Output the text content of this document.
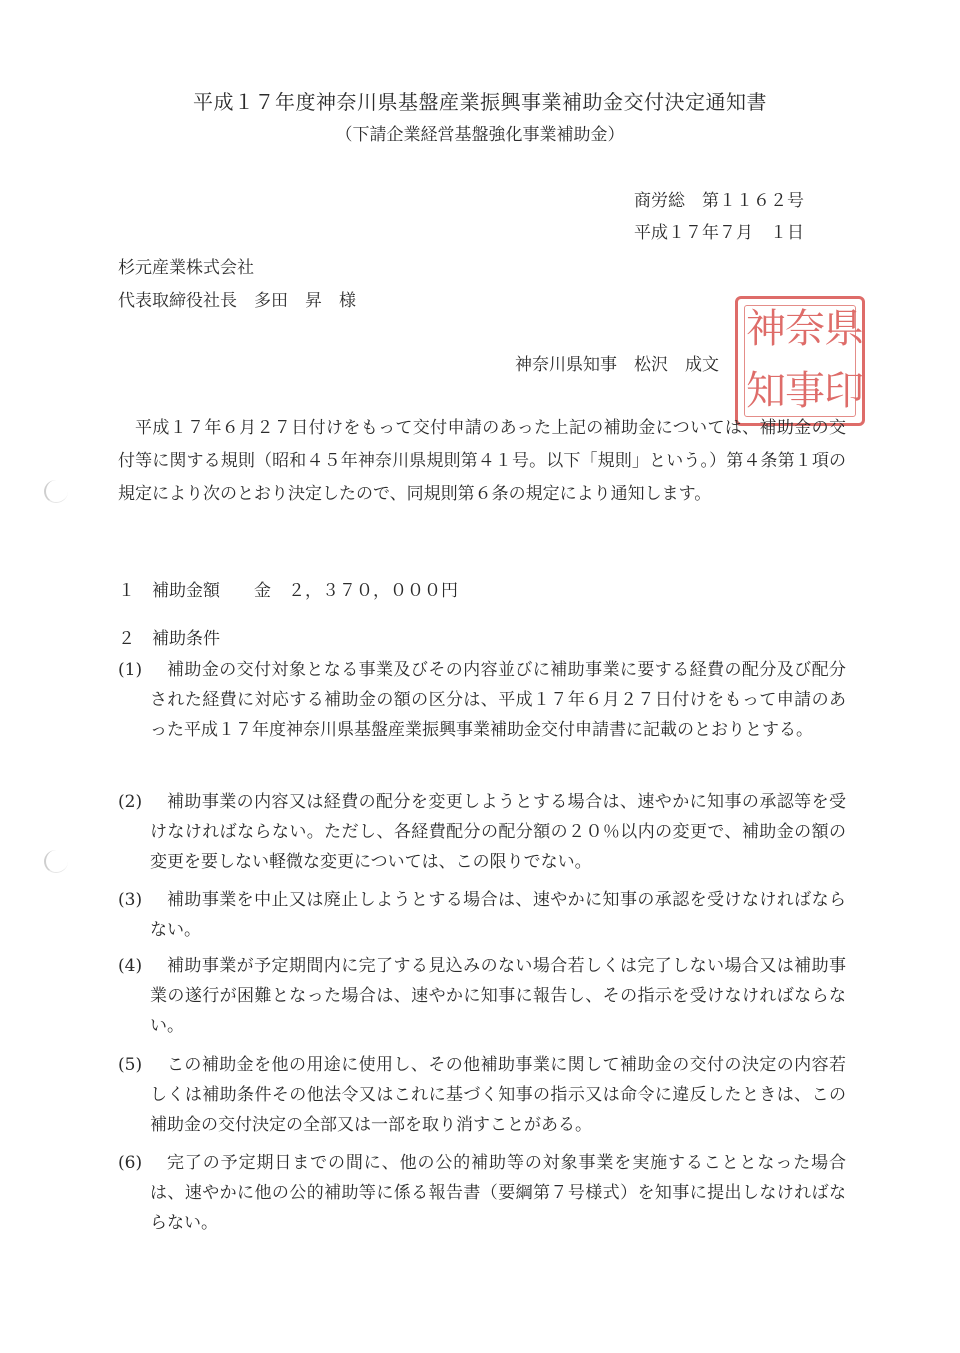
平成１７年度神奈川県基盤産業振興事業補助金交付決定通知書
（下請企業経営基盤強化事業補助金）
商労総　第１１６２号
平成１７年７月　１日
杉元産業株式会社
代表取締役社長　多田　昇　様
県
奈
神
印
事
知
神奈川県知事　松沢　成文
平成１７年６月２７日付けをもって交付申請のあった上記の補助金については、補助金の交付等に関する規則（昭和４５年神奈川県規則第４１号。以下「規則」という。）第４条第１項の規定により次のとおり決定したので、同規則第６条の規定により通知します。
１　補助金額　　金　２，３７０，０００円
２　補助条件
(1)	補助金の交付対象となる事業及びその内容並びに補助事業に要する経費の配分及び配分された経費に対応する補助金の額の区分は、平成１７年６月２７日付けをもって申請のあった平成１７年度神奈川県基盤産業振興事業補助金交付申請書に記載のとおりとする。
(2)	補助事業の内容又は経費の配分を変更しようとする場合は、速やかに知事の承認等を受けなければならない。ただし、各経費配分の配分額の２０％以内の変更で、補助金の額の変更を要しない軽微な変更については、この限りでない。
(3)	補助事業を中止又は廃止しようとする場合は、速やかに知事の承認を受けなければならない。
(4)	補助事業が予定期間内に完了する見込みのない場合若しくは完了しない場合又は補助事業の遂行が困難となった場合は、速やかに知事に報告し、その指示を受けなければならない。
(5)	この補助金を他の用途に使用し、その他補助事業に関して補助金の交付の決定の内容若しくは補助条件その他法令又はこれに基づく知事の指示又は命令に違反したときは、この補助金の交付決定の全部又は一部を取り消すことがある。
(6)	完了の予定期日までの間に、他の公的補助等の対象事業を実施することとなった場合は、速やかに他の公的補助等に係る報告書（要綱第７号様式）を知事に提出しなければならない。
